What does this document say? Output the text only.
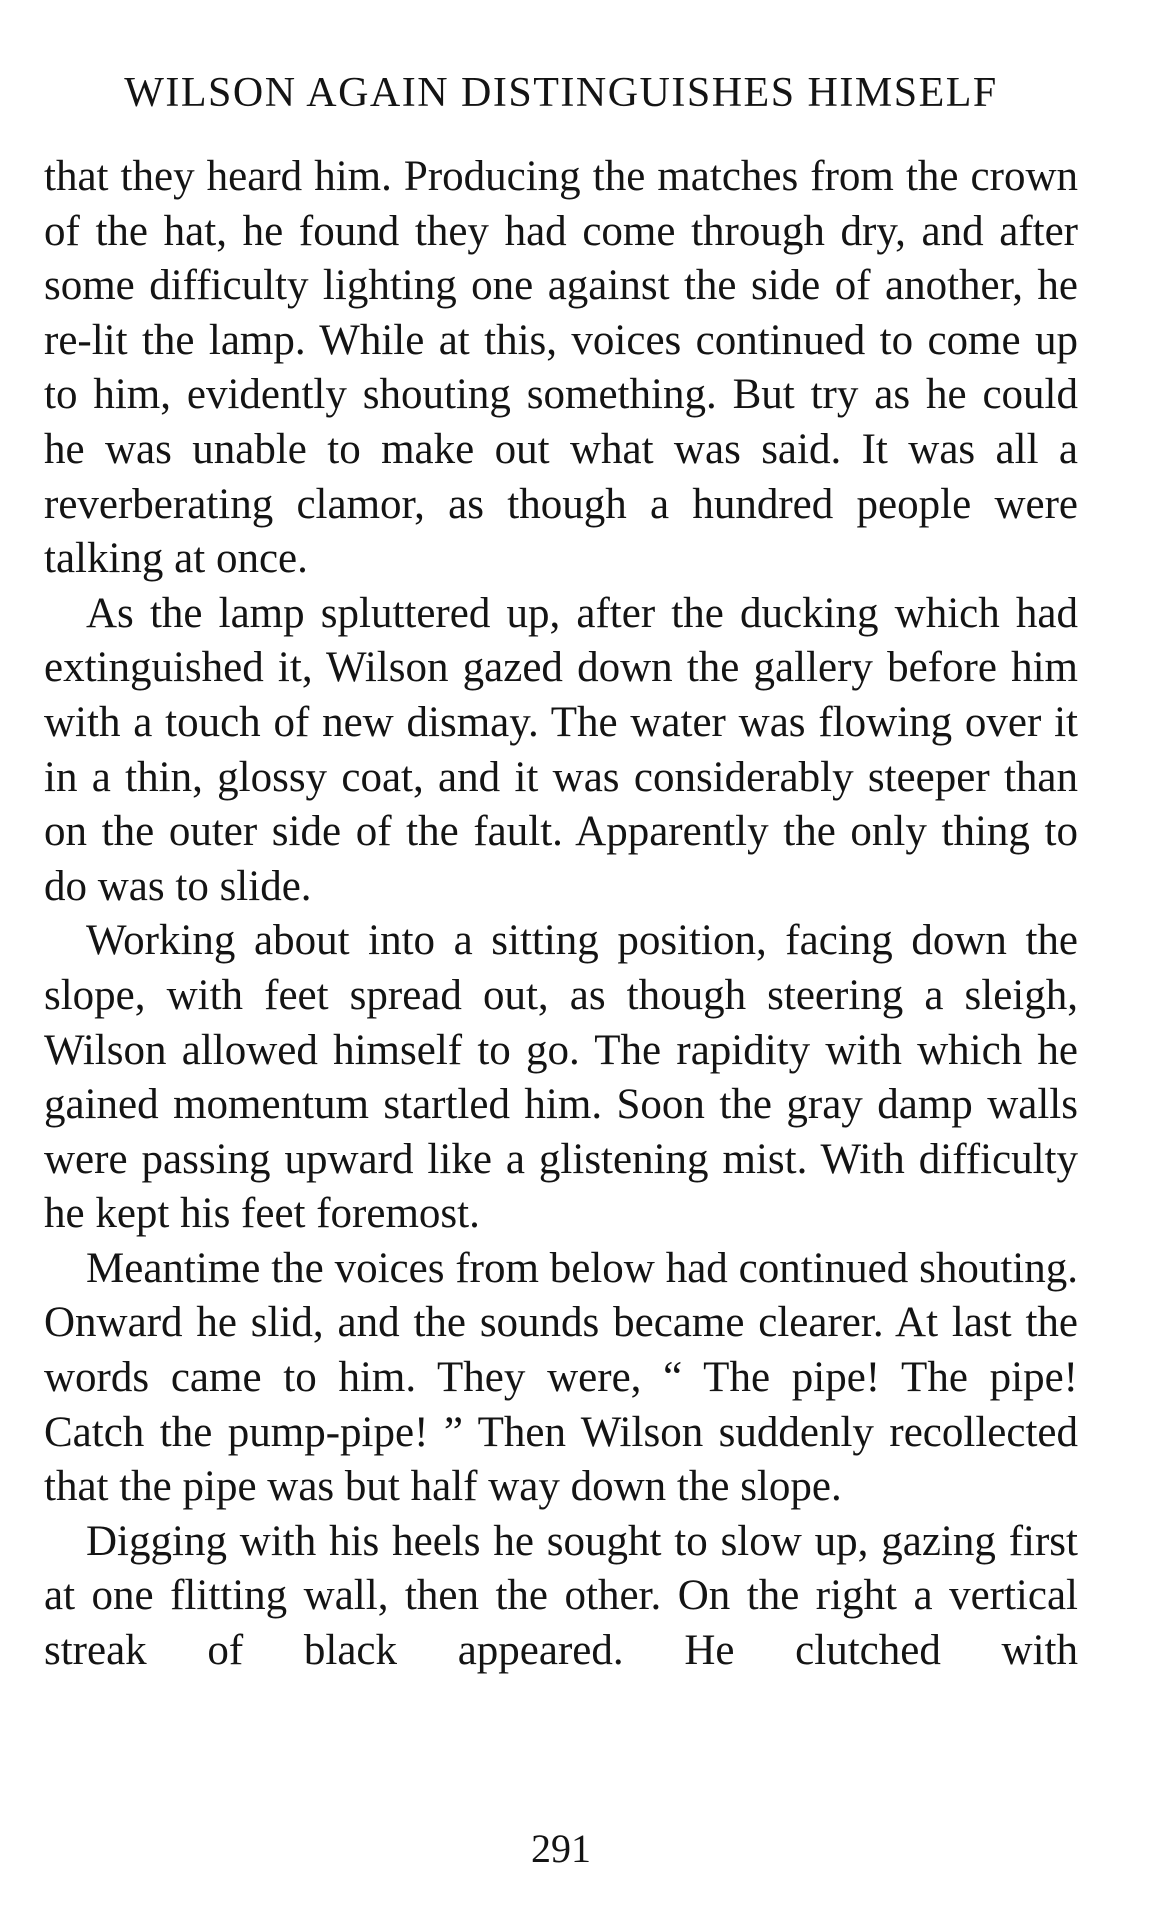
WILSON AGAIN DISTINGUISHES HIMSELF

that they heard him. Producing the matches from the crown of the hat, he found they had come through dry, and after some difficulty lighting one against the side of another, he re-lit the lamp. While at this, voices continued to come up to him, evidently shouting something. But try as he could he was unable to make out what was said. It was all a reverberating clamor, as though a hundred people were talking at once.

As the lamp spluttered up, after the ducking which had extinguished it, Wilson gazed down the gallery before him with a touch of new dismay. The water was flowing over it in a thin, glossy coat, and it was considerably steeper than on the outer side of the fault. Apparently the only thing to do was to slide.

Working about into a sitting position, facing down the slope, with feet spread out, as though steering a sleigh, Wilson allowed himself to go. The rapidity with which he gained momentum startled him. Soon the gray damp walls were passing upward like a glistening mist. With difficulty he kept his feet foremost.

Meantime the voices from below had continued shouting. Onward he slid, and the sounds became clearer. At last the words came to him. They were, “ The pipe! The pipe! Catch the pump-pipe! ” Then Wilson suddenly recollected that the pipe was but half way down the slope.

Digging with his heels he sought to slow up, gazing first at one flitting wall, then the other. On the right a vertical streak of black appeared. He clutched with

291
